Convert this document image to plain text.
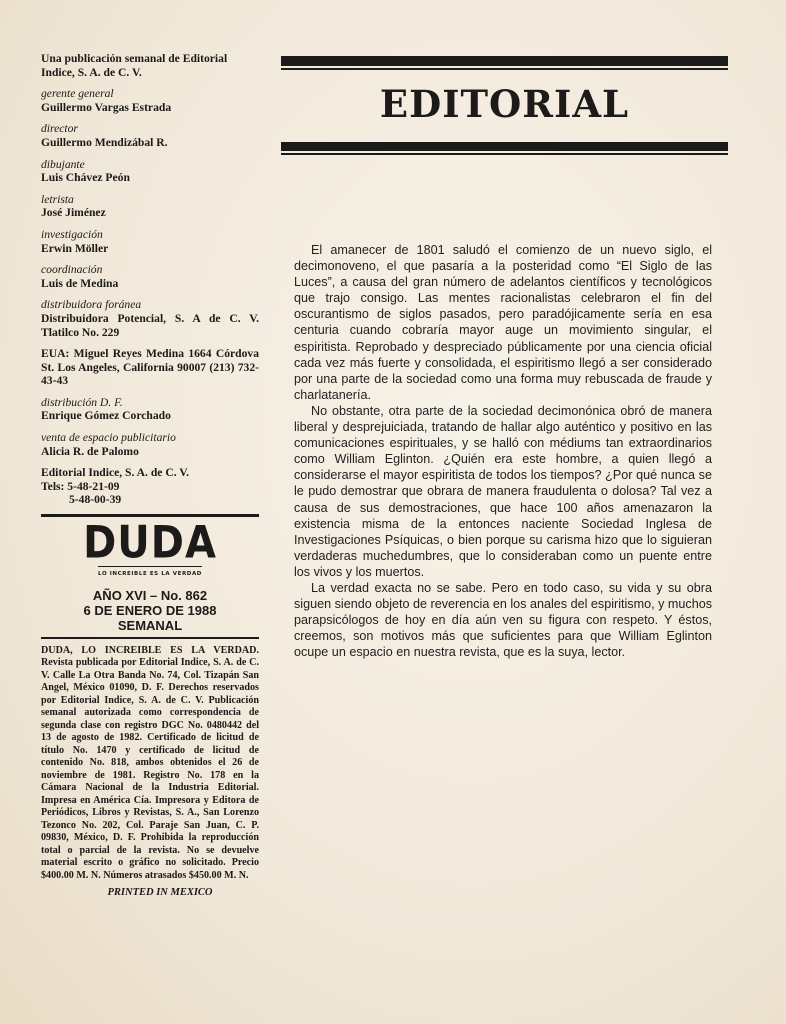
Una publicación semanal de Editorial Indice, S. A. de C. V.

gerente general
Guillermo Vargas Estrada
director
Guillermo Mendizábal R.
dibujante
Luis Chávez Peón
letrista
José Jiménez
investigación
Erwin Möller
coordinación
Luis de Medina
distribuidora foránea
Distribuidora Potencial, S. A de C. V. Tlatilco No. 229
EUA: Miguel Reyes Medina 1664 Córdova St. Los Angeles, California 90007 (213) 732-43-43
distribución D. F.
Enrique Gómez Corchado
venta de espacio publicitario
Alicia R. de Palomo
Editorial Indice, S. A. de C. V.
Tels: 5-48-21-09
5-48-00-39
DUDA
LO INCREIBLE ES LA VERDAD
AÑO XVI – No. 862
6 DE ENERO DE 1988
SEMANAL
DUDA, LO INCREIBLE ES LA VERDAD. Revista publicada por Editorial Indice, S. A. de C. V. Calle La Otra Banda No. 74, Col. Tizapán San Angel, México 01090, D. F. Derechos reservados por Editorial Indice, S. A. de C. V. Publicación semanal autorizada como correspondencia de segunda clase con registro DGC No. 0480442 del 13 de agosto de 1982. Certificado de licitud de título No. 1470 y certificado de licitud de contenido No. 818, ambos obtenidos el 26 de noviembre de 1981. Registro No. 178 en la Cámara Nacional de la Industria Editorial. Impresa en América Cía. Impresora y Editora de Periódicos, Libros y Revistas, S. A., San Lorenzo Tezonco No. 202, Col. Paraje San Juan, C. P. 09830, México, D. F. Prohibida la reproducción total o parcial de la revista. No se devuelve material escrito o gráfico no solicitado. Precio $400.00 M. N. Números atrasados $450.00 M. N.
PRINTED IN MEXICO
EDITORIAL

El amanecer de 1801 saludó el comienzo de un nuevo siglo, el decimonoveno, el que pasaría a la posteridad como “El Siglo de las Luces”, a causa del gran número de adelantos científicos y tecnológicos que trajo consigo. Las mentes racionalistas celebraron el fin del oscurantismo de siglos pasados, pero paradójicamente sería en esa centuria cuando cobraría mayor auge un movimiento singular, el espiritista. Reprobado y despreciado públicamente por una ciencia oficial cada vez más fuerte y consolidada, el espiritismo llegó a ser considerado por una parte de la sociedad como una forma muy rebuscada de fraude y charlatanería.

No obstante, otra parte de la sociedad decimonónica obró de manera liberal y desprejuiciada, tratando de hallar algo auténtico y positivo en las comunicaciones espirituales, y se halló con médiums tan extraordinarios como William Eglinton. ¿Quién era este hombre, a quien llegó a considerarse el mayor espiritista de todos los tiempos? ¿Por qué nunca se le pudo demostrar que obrara de manera fraudulenta o dolosa? Tal vez a causa de sus demostraciones, que hace 100 años amenazaron la existencia misma de la entonces naciente Sociedad Inglesa de Investigaciones Psíquicas, o bien porque su carisma hizo que lo siguieran verdaderas muchedumbres, que lo consideraban como un puente entre los vivos y los muertos.

La verdad exacta no se sabe. Pero en todo caso, su vida y su obra siguen siendo objeto de reverencia en los anales del espiritismo, y muchos parapsicólogos de hoy en día aún ven su figura con respeto. Y éstos, creemos, son motivos más que suficientes para que William Eglinton ocupe un espacio en nuestra revista, que es la suya, lector.
